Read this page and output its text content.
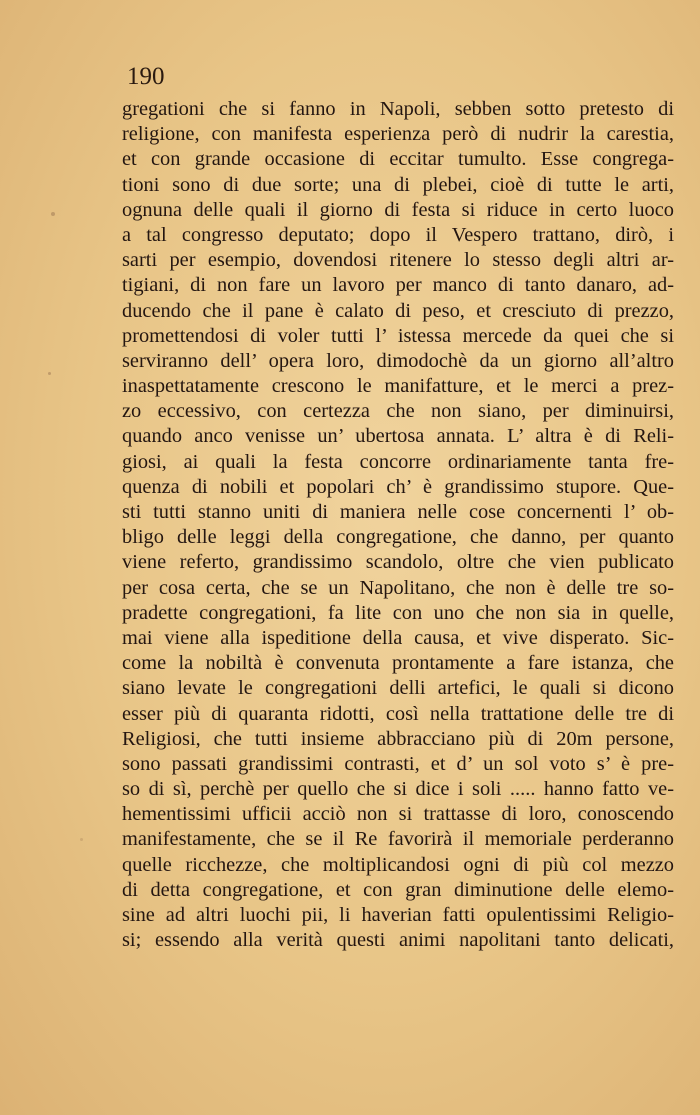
190
gregationi che si fanno in Napoli, sebben sotto pretesto di
religione, con manifesta esperienza però di nudrir la carestia,
et con grande occasione di eccitar tumulto. Esse congrega-
tioni sono di due sorte; una di plebei, cioè di tutte le arti,
ognuna delle quali il giorno di festa si riduce in certo luoco
a tal congresso deputato; dopo il Vespero trattano, dirò, i
sarti per esempio, dovendosi ritenere lo stesso degli altri ar-
tigiani, di non fare un lavoro per manco di tanto danaro, ad-
ducendo che il pane è calato di peso, et cresciuto di prezzo,
promettendosi di voler tutti l’ istessa mercede da quei che si
serviranno dell’ opera loro, dimodochè da un giorno all’altro
inaspettatamente crescono le manifatture, et le merci a prez-
zo eccessivo, con certezza che non siano, per diminuirsi,
quando anco venisse un’ ubertosa annata. L’ altra è di Reli-
giosi, ai quali la festa concorre ordinariamente tanta fre-
quenza di nobili et popolari ch’ è grandissimo stupore. Que-
sti tutti stanno uniti di maniera nelle cose concernenti l’ ob-
bligo delle leggi della congregatione, che danno, per quanto
viene referto, grandissimo scandolo, oltre che vien publicato
per cosa certa, che se un Napolitano, che non è delle tre so-
pradette congregationi, fa lite con uno che non sia in quelle,
mai viene alla ispeditione della causa, et vive disperato. Sic-
come la nobiltà è convenuta prontamente a fare istanza, che
siano levate le congregationi delli artefici, le quali si dicono
esser più di quaranta ridotti, così nella trattatione delle tre di
Religiosi, che tutti insieme abbracciano più di 20m persone,
sono passati grandissimi contrasti, et d’ un sol voto s’ è pre-
so di sì, perchè per quello che si dice i soli ..... hanno fatto ve-
hementissimi ufficii acciò non si trattasse di loro, conoscendo
manifestamente, che se il Re favorirà il memoriale perderanno
quelle ricchezze, che moltiplicandosi ogni di più col mezzo
di detta congregatione, et con gran diminutione delle elemo-
sine ad altri luochi pii, li haverian fatti opulentissimi Religio-
si; essendo alla verità questi animi napolitani tanto delicati,
